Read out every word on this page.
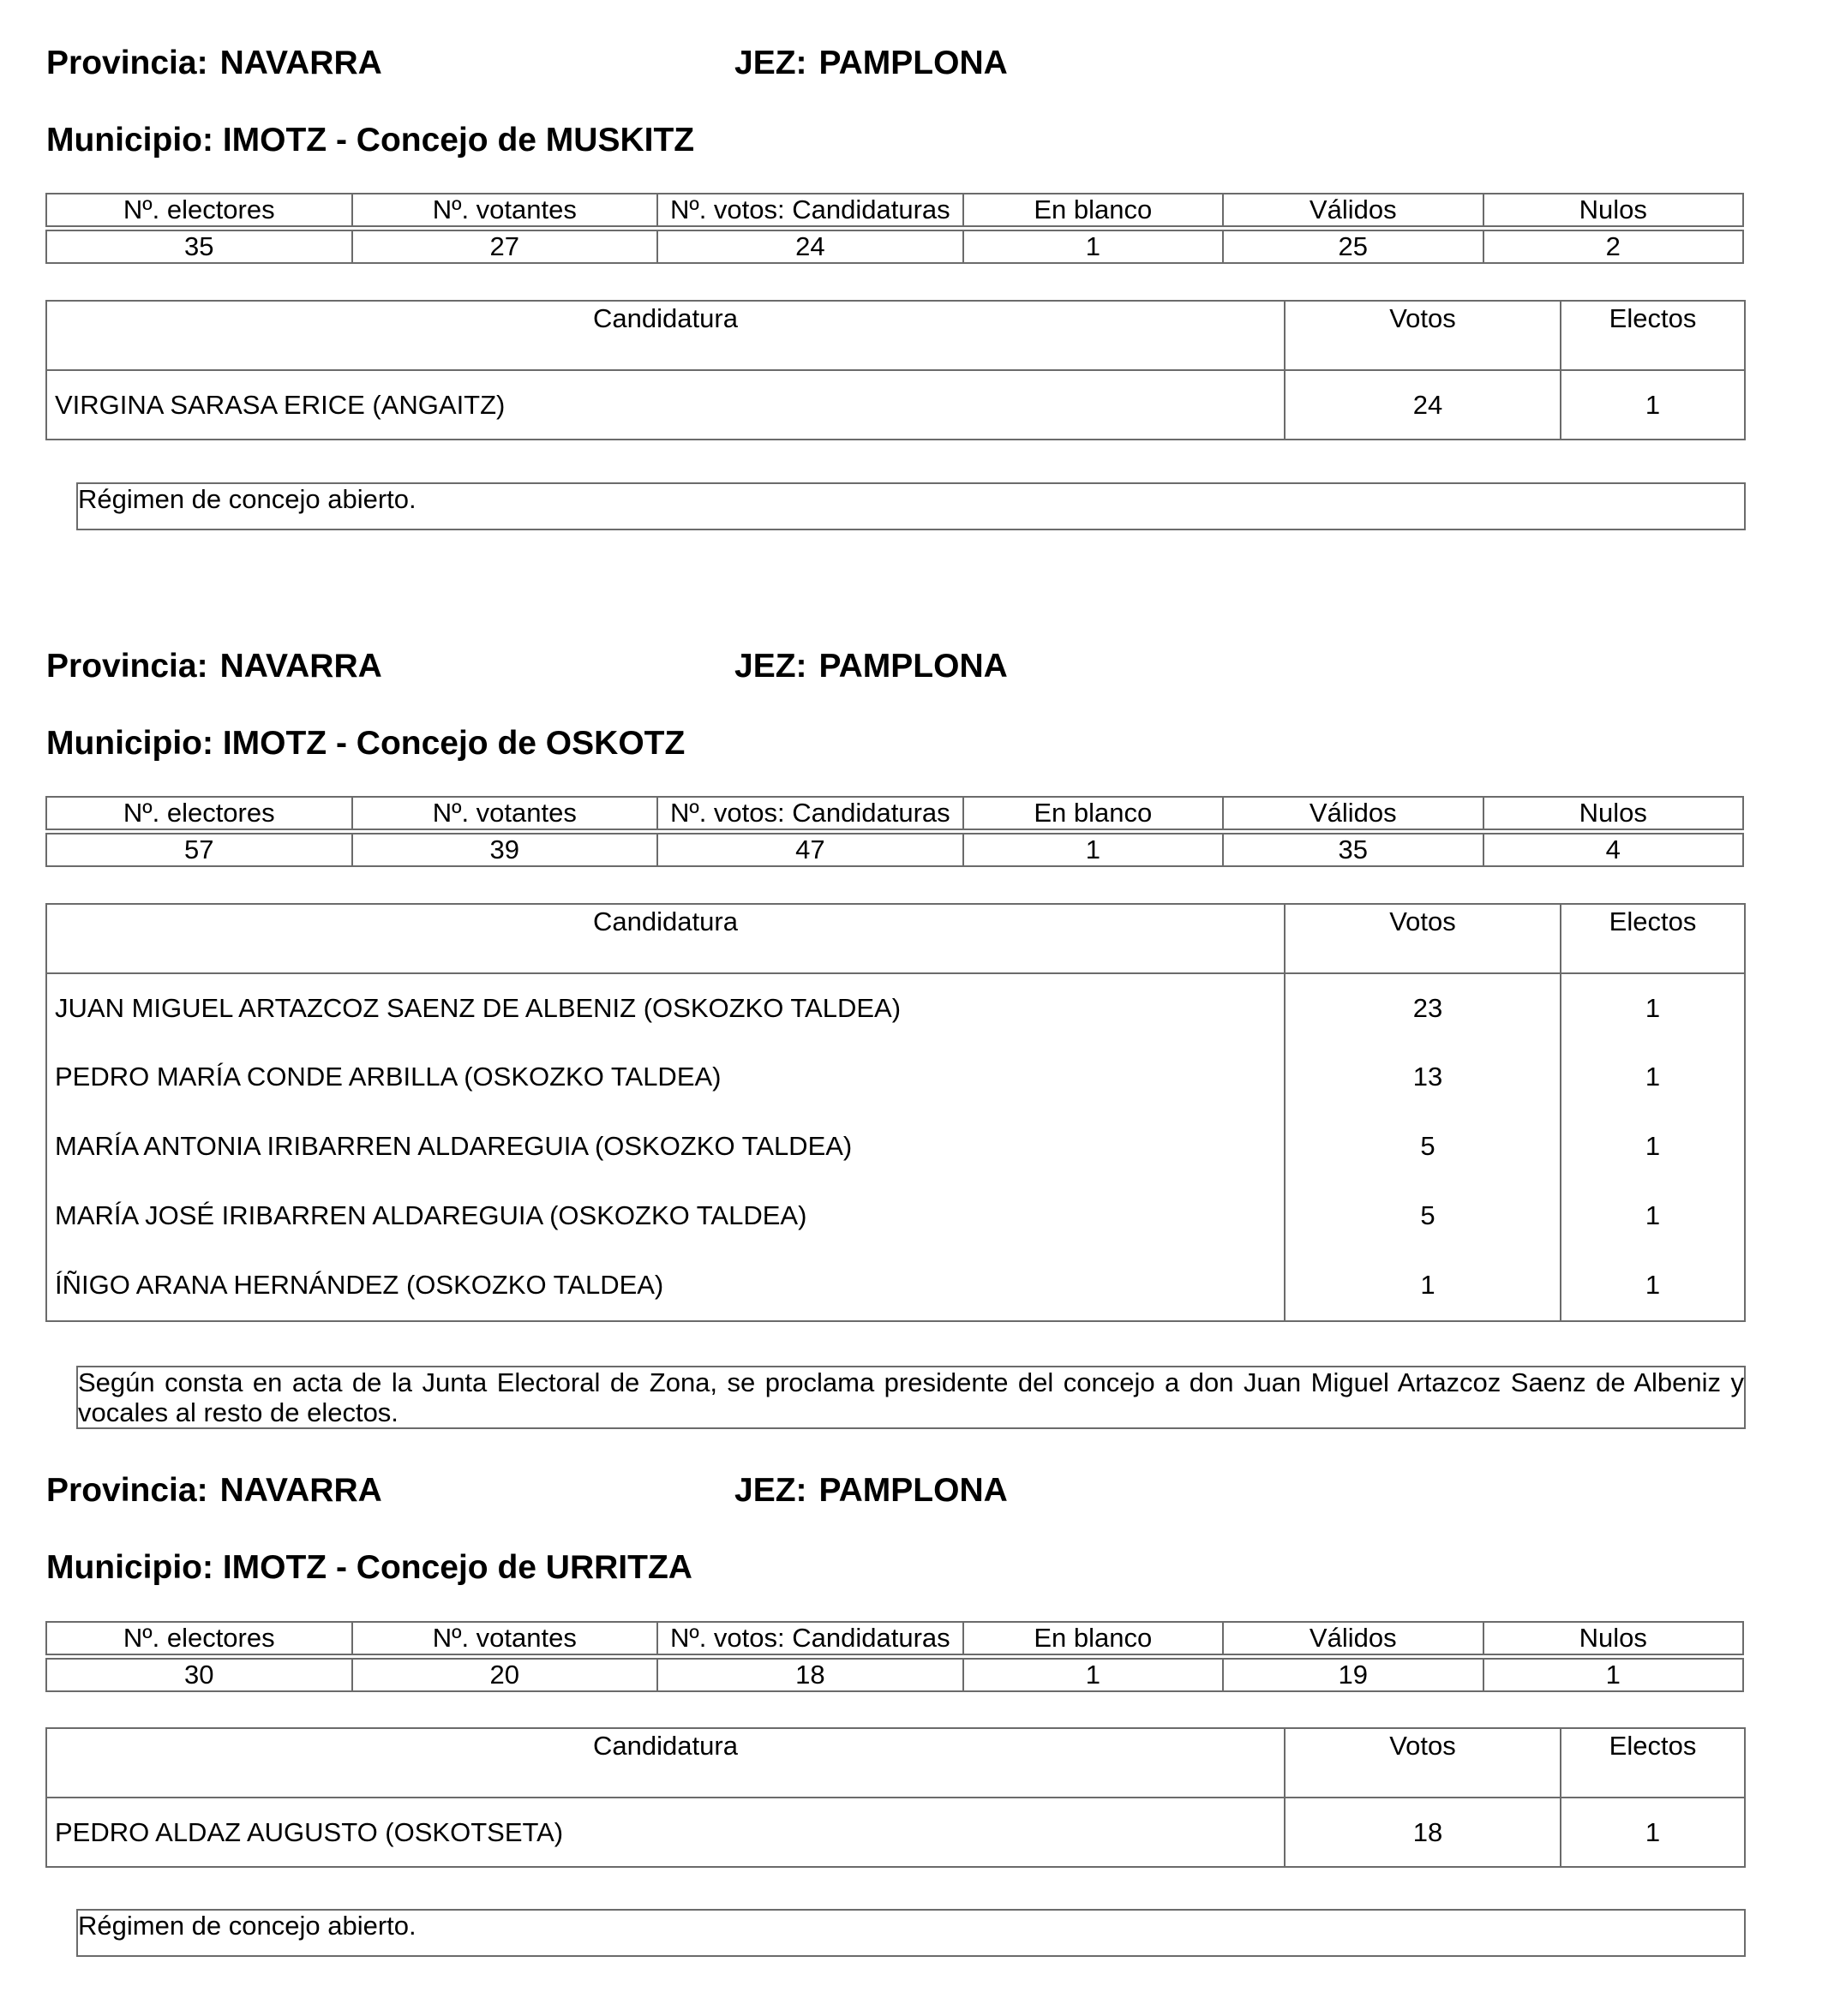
Provincia: NAVARRA	JEZ: PAMPLONA
Municipio: IMOTZ - Concejo de MUSKITZ
Nº. electores	Nº. votantes	Nº. votos: Candidaturas	En blanco	Válidos	Nulos

35	27	24	1	25	2
Candidatura	Votos	Electos
VIRGINA SARASA ERICE (ANGAITZ)	24	1
Régimen de concejo abierto.
Provincia: NAVARRA	JEZ: PAMPLONA
Municipio: IMOTZ - Concejo de OSKOTZ
Nº. electores	Nº. votantes	Nº. votos: Candidaturas	En blanco	Válidos	Nulos

57	39	47	1	35	4
Candidatura	Votos	Electos
JUAN MIGUEL ARTAZCOZ SAENZ DE ALBENIZ (OSKOZKO TALDEA)	23	1
PEDRO MARÍA CONDE ARBILLA (OSKOZKO TALDEA)	13	1
MARÍA ANTONIA IRIBARREN ALDAREGUIA (OSKOZKO TALDEA)	5	1
MARÍA JOSÉ IRIBARREN ALDAREGUIA (OSKOZKO TALDEA)	5	1
ÍÑIGO ARANA HERNÁNDEZ (OSKOZKO TALDEA)	1	1
Según consta en acta de la Junta Electoral de Zona, se proclama presidente del concejo a don Juan Miguel Artazcoz Saenz de Albeniz y vocales al resto de electos.
Provincia: NAVARRA	JEZ: PAMPLONA
Municipio: IMOTZ - Concejo de URRITZA
Nº. electores	Nº. votantes	Nº. votos: Candidaturas	En blanco	Válidos	Nulos

30	20	18	1	19	1
Candidatura	Votos	Electos
PEDRO ALDAZ AUGUSTO (OSKOTSETA)	18	1
Régimen de concejo abierto.
